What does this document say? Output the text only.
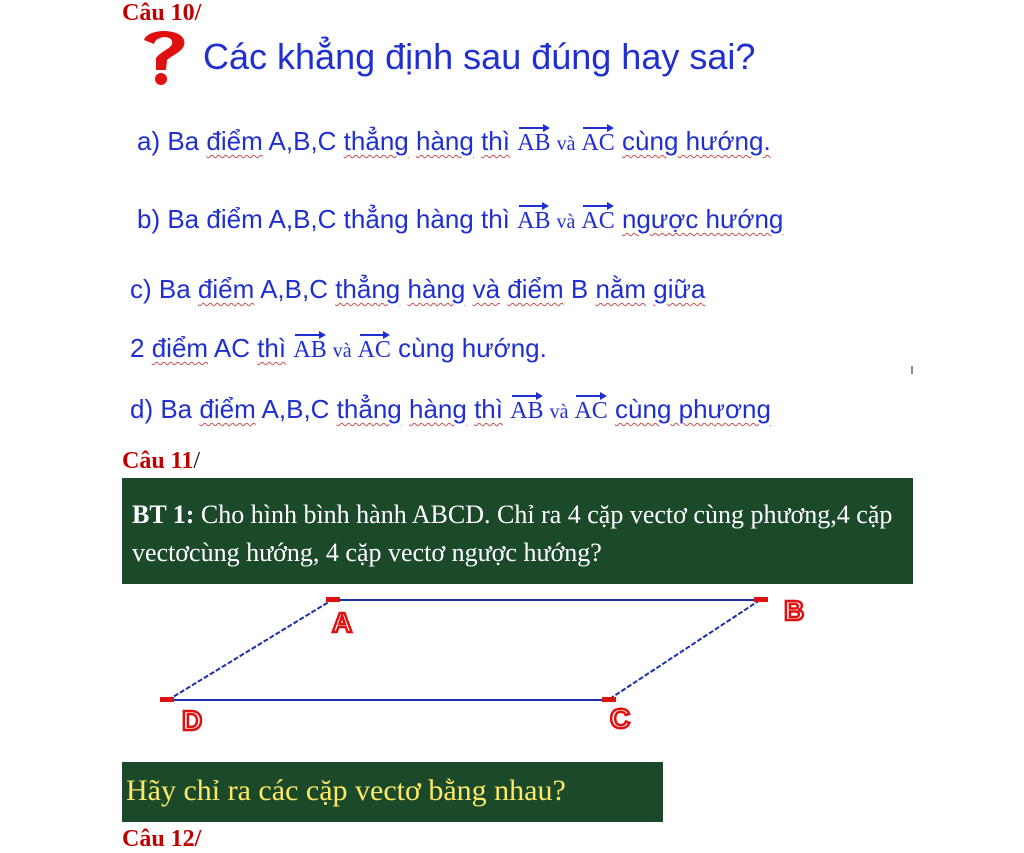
Câu 10/
Các khẳng định sau đúng hay sai?
a) Ba điểm A,B,C thẳng hàng thì AB và AC cùng hướng.
b) Ba điểm A,B,C thẳng hàng thì AB và AC ngược hướng
c) Ba điểm A,B,C thẳng hàng và điểm B nằm giữa
2 điểm AC thì AB và AC cùng hướng.
d) Ba điểm A,B,C thẳng hàng thì AB và AC cùng phương
Câu 11/
BT 1: Cho hình bình hành ABCD. Chỉ ra 4 cặp vectơ cùng phương,4 cặp vectơcùng hướng, 4 cặp vectơ ngược hướng?
A	B
C
D
Hãy chỉ ra các cặp vectơ bằng nhau?
Câu 12/
